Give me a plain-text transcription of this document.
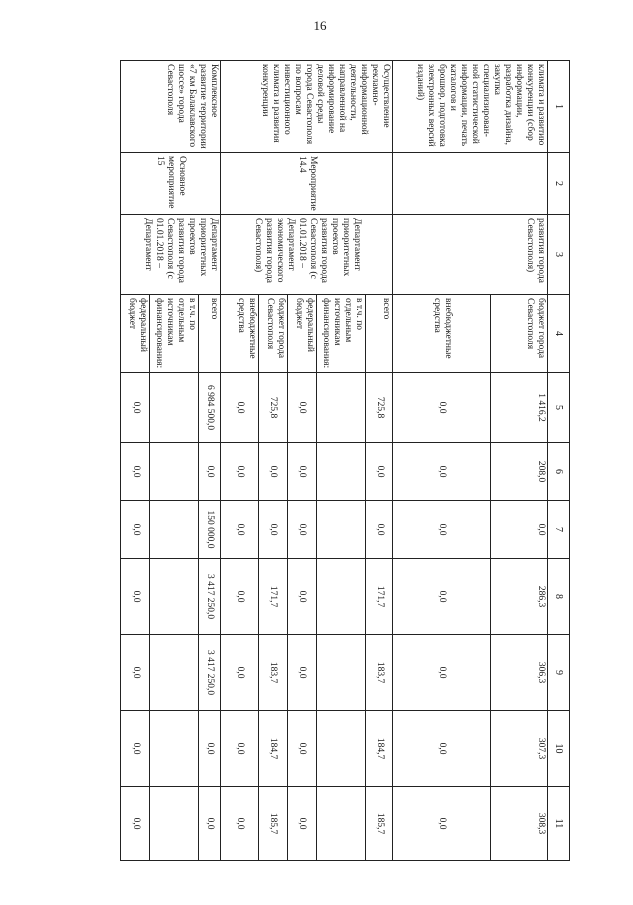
16
1	2	3	4	5	6	7	8	9	10	11
климата и развитию конкуренции (сбор информации, разработка дизайна, закупка специализирован-ной статистической информации, печать каталогов и брошюр, подготовка электронных версий изданий)		развития города Севастополя)	бюджет города Севастополя	1 416,2	208,0	0,0	286,3	306,3	307,3	308,3
			внебюджетные средства	0,0	0,0	0,0	0,0	0,0	0,0	0,0
Осуществление рекламно-информационной деятельности, направленной на информирование деловой среды города Севастополя по вопросам инвестиционного климата и развития конкуренции	Мероприятие 14.4	Департамент приоритетных проектов развития города Севастополя (с 01.01.2018 – Департамент экономического развития города Севастополя)	всего	725,8	0,0	0,0	171,7	183,7	184,7	185,7
			в т.ч. по отдельным источникам финансирования:							
			федеральный бюджет	0,0	0,0	0,0	0,0	0,0	0,0	0,0
			бюджет города Севастополя	725,8	0,0	0,0	171,7	183,7	184,7	185,7
			внебюджетные средства	0,0	0,0	0,0	0,0	0,0	0,0	0,0
Комплексное развитие территории «7 км Балаклавского шоссе» города Севастополя	Основное мероприятие 15	Департамент приоритетных проектов развития города Севастополя (с 01.01.2018 – Департамент	всего	6 984 500,0	0,0	150 000,0	3 417 250,0	3 417 250,0	0,0	0,0
			в т.ч. по отдельным источникам финансирования:							
			федеральный бюджет	0,0	0,0	0,0	0,0	0,0	0,0	0,0
